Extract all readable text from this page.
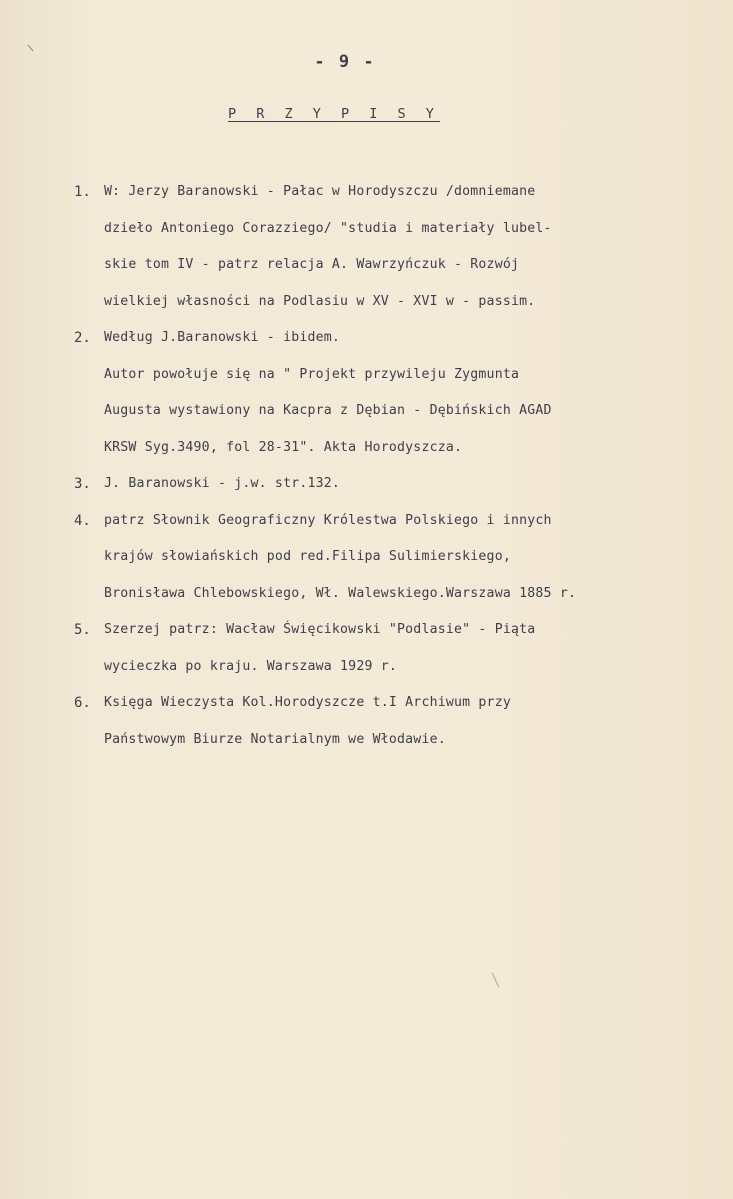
- 9 -
P R Z Y P I S Y
1. W: Jerzy Baranowski - Pałac w Horodyszczu /domniemane
dzieło Antoniego Corazziego/ "studia i materiały lubel-
skie tom IV - patrz relacja A. Wawrzyńczuk - Rozwój
wielkiej własności na Podlasiu w XV - XVI w - passim.
2. Według J.Baranowski - ibidem.
Autor powołuje się na " Projekt przywileju Zygmunta
Augusta wystawiony na Kacpra z Dębian - Dębińskich AGAD
KRSW Syg.3490, fol 28-31". Akta Horodyszcza.
3. J. Baranowski - j.w. str.132.
4. patrz Słownik Geograficzny Królestwa Polskiego i innych
krajów słowiańskich pod red.Filipa Sulimierskiego,
Bronisława Chlebowskiego, Wł. Walewskiego.Warszawa 1885 r.
5. Szerzej patrz: Wacław Święcikowski "Podlasie" - Piąta
wycieczka po kraju. Warszawa 1929 r.
6. Księga Wieczysta Kol.Horodyszcze t.I Archiwum przy
Państwowym Biurze Notarialnym we Włodawie.
